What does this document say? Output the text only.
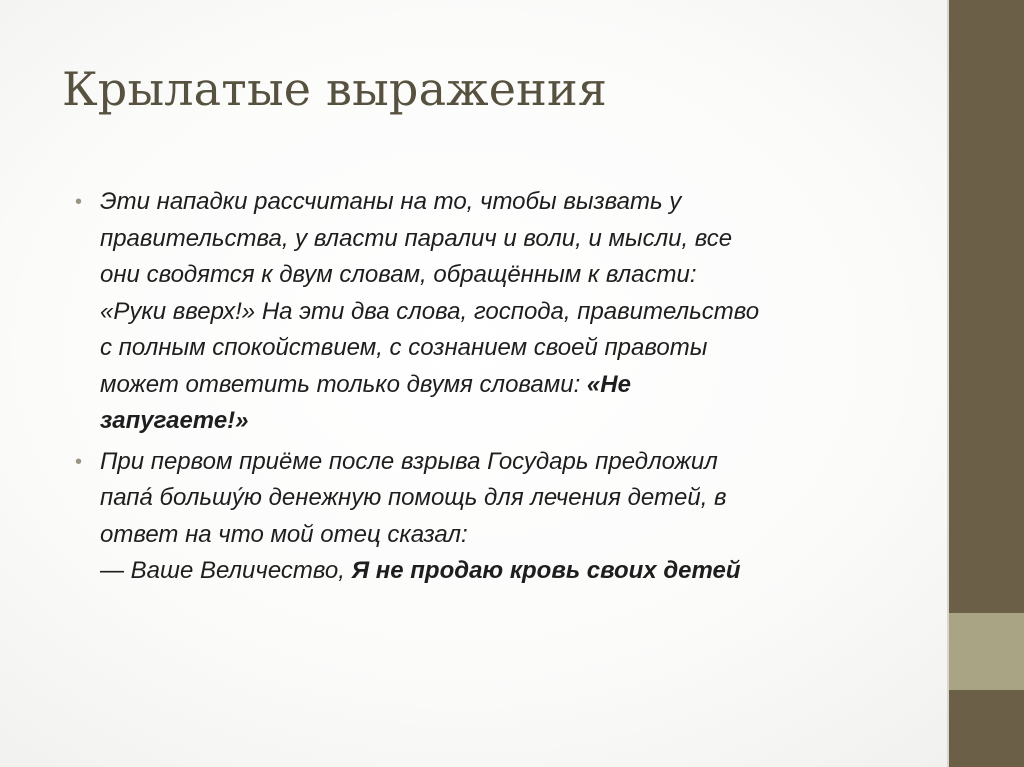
Крылатые выражения
• Эти нападки рассчитаны на то, чтобы вызвать у
правительства, у власти паралич и воли, и мысли, все
они сводятся к двум словам, обращённым к власти:
«Руки вверх!» На эти два слова, господа, правительство
с полным спокойствием, с сознанием своей правоты
может ответить только двумя словами: «Не
запугаете!»
• При первом приёме после взрыва Государь предложил
папа́ большу́ю денежную помощь для лечения детей, в
ответ на что мой отец сказал:
— Ваше Величество, Я не продаю кровь своих детей
